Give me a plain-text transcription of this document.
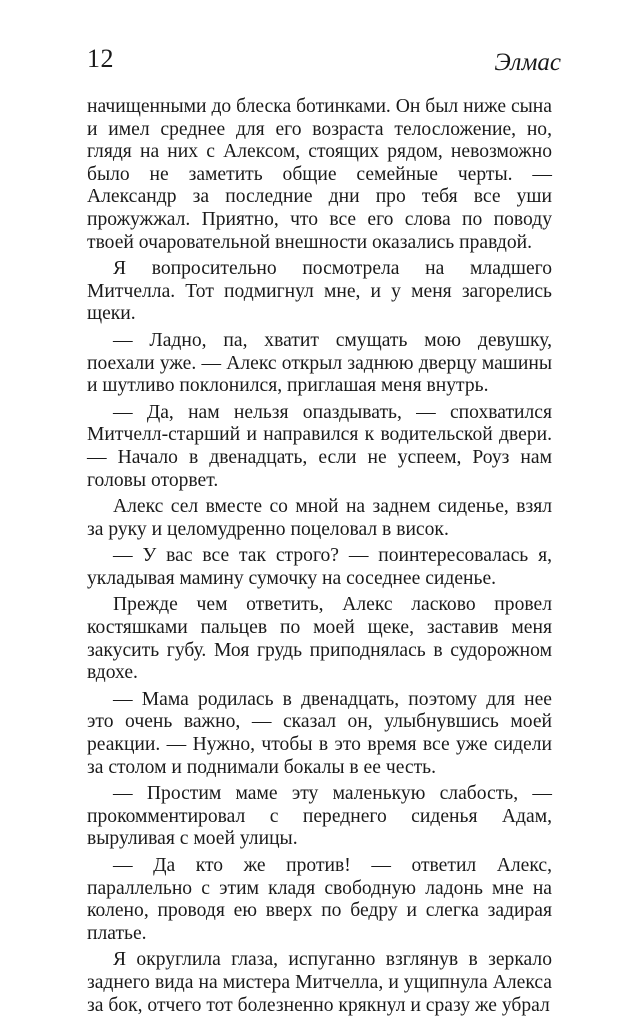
12	Элмас

начищенными до блеска ботинками. Он был ниже сына и имел среднее для его возраста телосложение, но, глядя на них с Алексом, стоящих рядом, невозможно было не заметить общие семейные черты. — Александр за последние дни про тебя все уши прожужжал. Приятно, что все его слова по поводу твоей очаровательной внешности оказались правдой.

Я вопросительно посмотрела на младшего Митчелла. Тот подмигнул мне, и у меня загорелись щеки.

— Ладно, па, хватит смущать мою девушку, поехали уже. — Алекс открыл заднюю дверцу машины и шутливо поклонился, приглашая меня внутрь.

— Да, нам нельзя опаздывать, — спохватился Митчелл-старший и направился к водительской двери. — Начало в двенадцать, если не успеем, Роуз нам головы оторвет.

Алекс сел вместе со мной на заднем сиденье, взял за руку и целомудренно поцеловал в висок.

— У вас все так строго? — поинтересовалась я, укладывая мамину сумочку на соседнее сиденье.

Прежде чем ответить, Алекс ласково провел костяшками пальцев по моей щеке, заставив меня закусить губу. Моя грудь приподнялась в судорожном вдохе.

— Мама родилась в двенадцать, поэтому для нее это очень важно, — сказал он, улыбнувшись моей реакции. — Нужно, чтобы в это время все уже сидели за столом и поднимали бокалы в ее честь.

— Простим маме эту маленькую слабость, — прокомментировал с переднего сиденья Адам, выруливая с моей улицы.

— Да кто же против! — ответил Алекс, параллельно с этим кладя свободную ладонь мне на колено, проводя ею вверх по бедру и слегка задирая платье.

Я округлила глаза, испуганно взглянув в зеркало заднего вида на мистера Митчелла, и ущипнула Алекса за бок, отчего тот болезненно крякнул и сразу же убрал
